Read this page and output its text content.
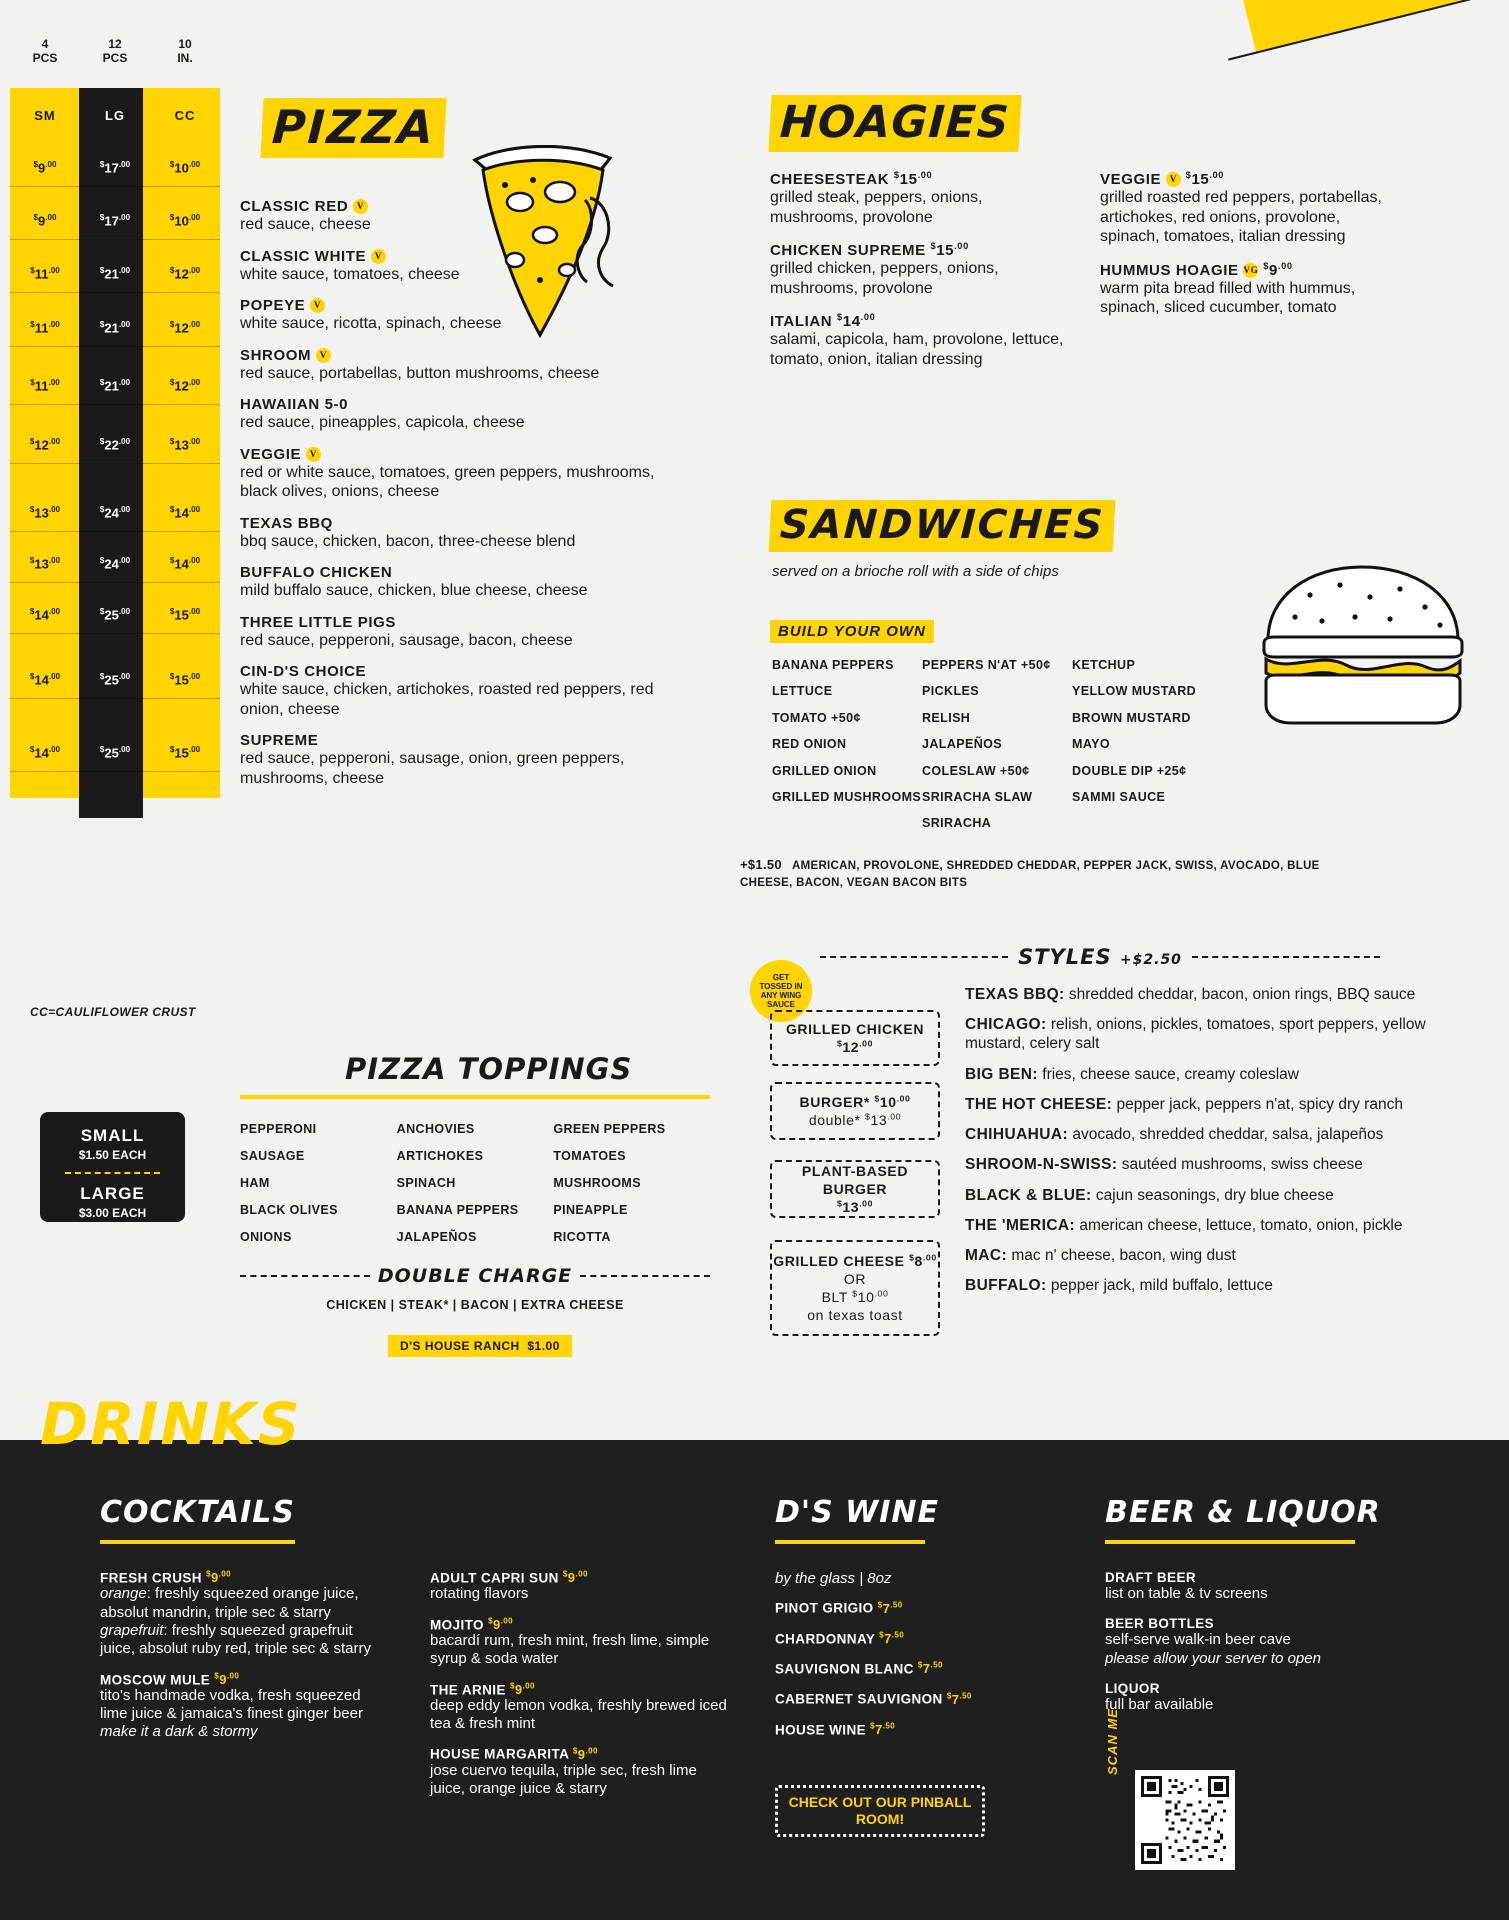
4
PCS
12
PCS
10
IN.
SM	LG	CC
$^{\$}9^{.00}$	$^{\$}17^{.00}$	$^{\$}10^{.00}$
$^{\$}9^{.00}$	$^{\$}17^{.00}$	$^{\$}10^{.00}$
$^{\$}11^{.00}$	$^{\$}21^{.00}$	$^{\$}12^{.00}$
$^{\$}11^{.00}$	$^{\$}21^{.00}$	$^{\$}12^{.00}$
$^{\$}11^{.00}$	$^{\$}21^{.00}$	$^{\$}12^{.00}$
$^{\$}12^{.00}$	$^{\$}22^{.00}$	$^{\$}13^{.00}$
$^{\$}13^{.00}$	$^{\$}24^{.00}$	$^{\$}14^{.00}$
$^{\$}13^{.00}$	$^{\$}24^{.00}$	$^{\$}14^{.00}$
$^{\$}14^{.00}$	$^{\$}25^{.00}$	$^{\$}15^{.00}$
$^{\$}14^{.00}$	$^{\$}25^{.00}$	$^{\$}15^{.00}$
$^{\$}14^{.00}$	$^{\$}25^{.00}$	$^{\$}15^{.00}$
CC=CAULIFLOWER CRUST
PIZZA
CLASSIC RED V
red sauce, cheese
CLASSIC WHITE V
white sauce, tomatoes, cheese
POPEYE V
white sauce, ricotta, spinach, cheese
SHROOM V
red sauce, portabellas, button mushrooms, cheese
HAWAIIAN 5-0
red sauce, pineapples, capicola, cheese
VEGGIE V
red or white sauce, tomatoes, green peppers, mushrooms, black olives, onions, cheese
TEXAS BBQ
bbq sauce, chicken, bacon, three-cheese blend
BUFFALO CHICKEN
mild buffalo sauce, chicken, blue cheese, cheese
THREE LITTLE PIGS
red sauce, pepperoni, sausage, bacon, cheese
CIN-D'S CHOICE
white sauce, chicken, artichokes, roasted red peppers, red onion, cheese
SUPREME
red sauce, pepperoni, sausage, onion, green peppers, mushrooms, cheese
HOAGIES
CHEESESTEAK $^{\$}15^{.00}$
grilled steak, peppers, onions, mushrooms, provolone
CHICKEN SUPREME $^{\$}15^{.00}$
grilled chicken, peppers, onions, mushrooms, provolone
ITALIAN $^{\$}14^{.00}$
salami, capicola, ham, provolone, lettuce, tomato, onion, italian dressing
VEGGIE V $^{\$}15^{.00}$
grilled roasted red peppers, portabellas, artichokes, red onions, provolone, spinach, tomatoes, italian dressing
HUMMUS HOAGIE VG $^{\$}9^{.00}$
warm pita bread filled with hummus, spinach, sliced cucumber, tomato
SANDWICHES
served on a brioche roll with a side of chips
BUILD YOUR OWN
BANANA PEPPERS
LETTUCE
TOMATO +50¢
RED ONION
GRILLED ONION
GRILLED MUSHROOMS
PEPPERS N'AT +50¢
PICKLES
RELISH
JALAPEÑOS
COLESLAW +50¢
SRIRACHA SLAW
SRIRACHA
KETCHUP
YELLOW MUSTARD
BROWN MUSTARD
MAYO
DOUBLE DIP +25¢
SAMMI SAUCE
+$1.50 AMERICAN, PROVOLONE, SHREDDED CHEDDAR, PEPPER JACK, SWISS, AVOCADO, BLUE CHEESE, BACON, VEGAN BACON BITS
GET TOSSED IN ANY WING SAUCE
STYLES +$2.50
GRILLED CHICKEN $^{\$}12^{.00}$
BURGER* $^{\$}10^{.00}$
double* $^{\$}13^{.00}$
PLANT-BASED BURGER
$^{\$}13^{.00}$
GRILLED CHEESE $^{\$}8^{.00}$
OR
BLT $^{\$}10^{.00}$
on texas toast

TEXAS BBQ: shredded cheddar, bacon, onion rings, BBQ sauce

CHICAGO: relish, onions, pickles, tomatoes, sport peppers, yellow mustard, celery salt

BIG BEN: fries, cheese sauce, creamy coleslaw

THE HOT CHEESE: pepper jack, peppers n'at, spicy dry ranch

CHIHUAHUA: avocado, shredded cheddar, salsa, jalapeños

SHROOM-N-SWISS: sautéed mushrooms, swiss cheese

BLACK & BLUE: cajun seasonings, dry blue cheese

THE 'MERICA: american cheese, lettuce, tomato, onion, pickle

MAC: mac n' cheese, bacon, wing dust

BUFFALO: pepper jack, mild buffalo, lettuce

PIZZA TOPPINGS
SMALL
$1.50 EACH
LARGE
$3.00 EACH
PEPPERONI
SAUSAGE
HAM
BLACK OLIVES
ONIONS
ANCHOVIES
ARTICHOKES
SPINACH
BANANA PEPPERS
JALAPEÑOS
GREEN PEPPERS
TOMATOES
MUSHROOMS
PINEAPPLE
RICOTTA
DOUBLE CHARGE
CHICKEN | STEAK* | BACON | EXTRA CHEESE
D'S HOUSE RANCH $1.00
DRINKS
COCKTAILS	D'S WINE	BEER & LIQUOR
FRESH CRUSH $^{\$}9^{.00}$
orange: freshly squeezed orange juice, absolut mandrin, triple sec & starry
grapefruit: freshly squeezed grapefruit juice, absolut ruby red, triple sec & starry
MOSCOW MULE $^{\$}9^{.00}$
tito's handmade vodka, fresh squeezed lime juice & jamaica's finest ginger beer
make it a dark & stormy
ADULT CAPRI SUN $^{\$}9^{.00}$
rotating flavors
MOJITO $^{\$}9^{.00}$
bacardí rum, fresh mint, fresh lime, simple syrup & soda water
THE ARNIE $^{\$}9^{.00}$
deep eddy lemon vodka, freshly brewed iced tea & fresh mint
HOUSE MARGARITA $^{\$}9^{.00}$
jose cuervo tequila, triple sec, fresh lime juice, orange juice & starry
by the glass | 8oz
PINOT GRIGIO $^{\$}7^{.50}$
CHARDONNAY $^{\$}7^{.50}$
SAUVIGNON BLANC $^{\$}7^{.50}$
CABERNET SAUVIGNON $^{\$}7^{.50}$
HOUSE WINE $^{\$}7^{.50}$
CHECK OUT OUR PINBALL ROOM!
DRAFT BEER
list on table & tv screens
BEER BOTTLES
self-serve walk-in beer cave
please allow your server to open
LIQUOR
full bar available
SCAN ME
